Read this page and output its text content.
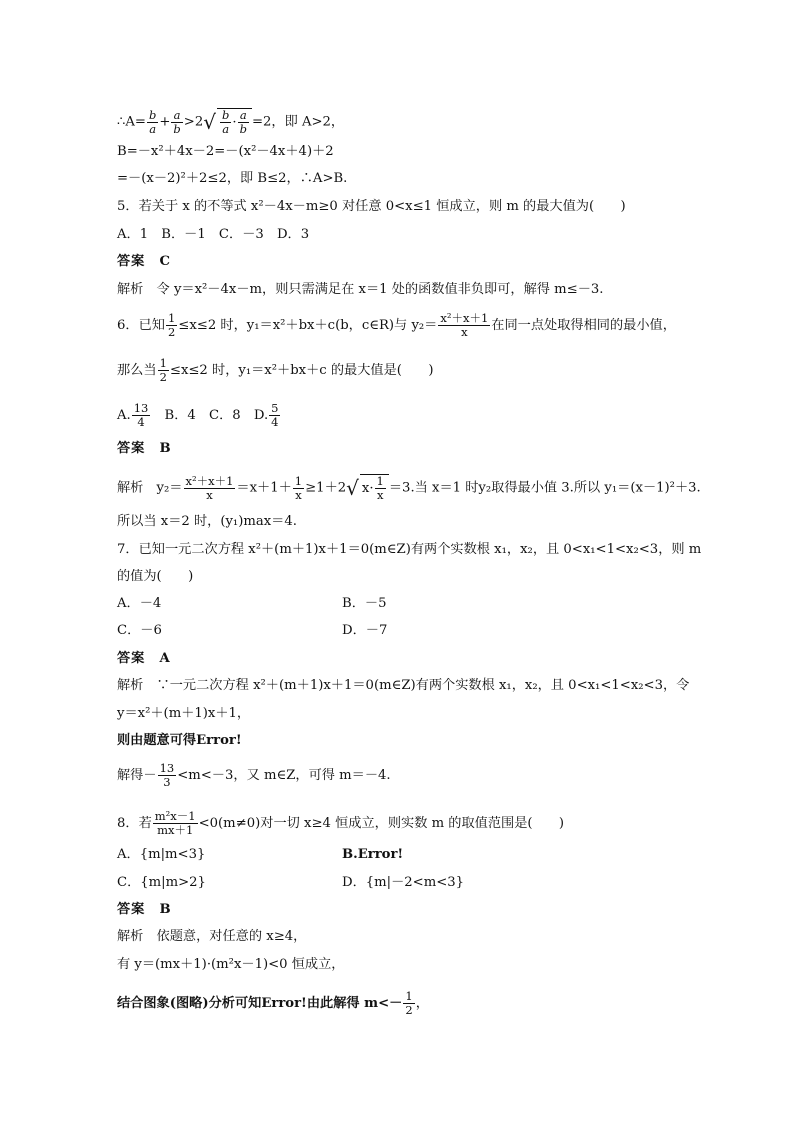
∴A= $\frac{b}{a} + \frac{a}{b} >2√ \frac{b}{a} \cdot \frac{a}{b} =2$，即 A>2，
B=－x²＋4x－2=－(x²－4x＋4)＋2
=－(x－2)²＋2≤2，即 B≤2，∴A>B.
5．若关于 x 的不等式 x²－4x－m≥0 对任意 0<x≤1 恒成立，则 m 的最大值为(　　)
A．1　B．－1　C．－3　D．3
答案　C
解析　令 y＝x²－4x－m，则只需满足在 x＝1 处的函数值非负即可，解得 m≤－3.
6．已知 $\frac{1}{2} \le x\le 2$ 时，y₁＝x²＋bx＋c(b，c∈R)与 $y_2= \frac{\text{x²＋x＋1}}{x}$ 在同一点处取得相同的最小值，
那么当 $\frac{1}{2} \le x\le 2$ 时，y₁＝x²＋bx＋c 的最大值是(　　)
A. $\frac{13}{4}$ 　B．4　C．8　D. $\frac{5}{4}$
答案　B
解析　$y_2= \frac{\text{x²＋x＋1}}{x} =x+1+ \frac{1}{x} \ge 1+2√$ $x\cdot \frac{1}{x} =3$.当 x＝1 时y₂取得最小值 3.所以 y₁＝(x－1)²＋3.
所以当 x＝2 时，(y₁)max＝4.
7．已知一元二次方程 x²＋(m＋1)x＋1＝0(m∈Z)有两个实数根 x₁，x₂，且 0<x₁<1<x₂<3，则 m
的值为(　　)
A．－4	B．－5
C．－6	D．－7
答案　A
解析　∵一元二次方程 x²＋(m＋1)x＋1＝0(m∈Z)有两个实数根 x₁，x₂，且 0<x₁<1<x₂<3，令
y＝x²＋(m＋1)x＋1，
则由题意可得Error!
解得－ $\frac{13}{3} <m<-3$，又 m∈Z，可得 m＝－4.
8．若 $\frac{\text{m²x－1}}{mx+1} <0(m\ne 0)$对一切 x≥4 恒成立，则实数 m 的取值范围是(　　)
A．{m|m<3}	B.Error!
C．{m|m>2}	D．{m|－2<m<3}
答案　B
解析　依题意，对任意的 x≥4，
有 y＝(mx＋1)·(m²x－1)<0 恒成立，
结合图象(图略)分析可知Error!由此解得 $m<- \frac{1}{2}$ ，
